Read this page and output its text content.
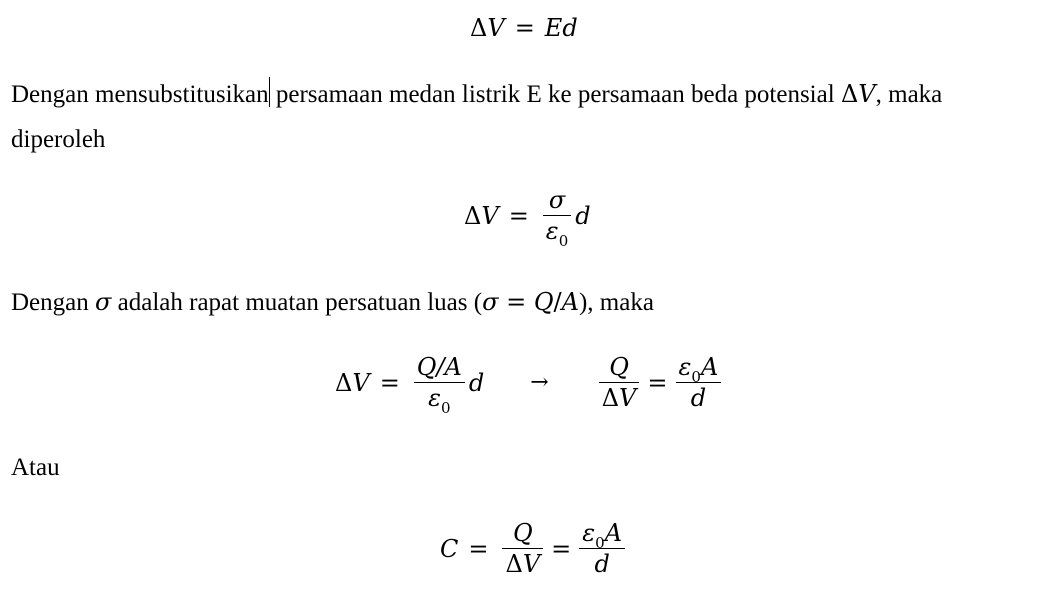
Δ V = E d
Dengan mensubstitusikan persamaan medan listrik E ke persamaan beda potensial ΔV, maka
diperoleh
Δ $V = \frac{\sigma}{\varepsilon_0}$ d
Dengan σ adalah rapat muatan persatuan luas (σ = Q/A), maka
Δ $V = \frac{Q/A}{\varepsilon_0}$ $d \to \frac{Q}{\Delta V} = \frac{\varepsilon_0A}{d}$
Atau
$C = \frac{Q}{\Delta V} = \frac{\varepsilon_0A}{d}$
